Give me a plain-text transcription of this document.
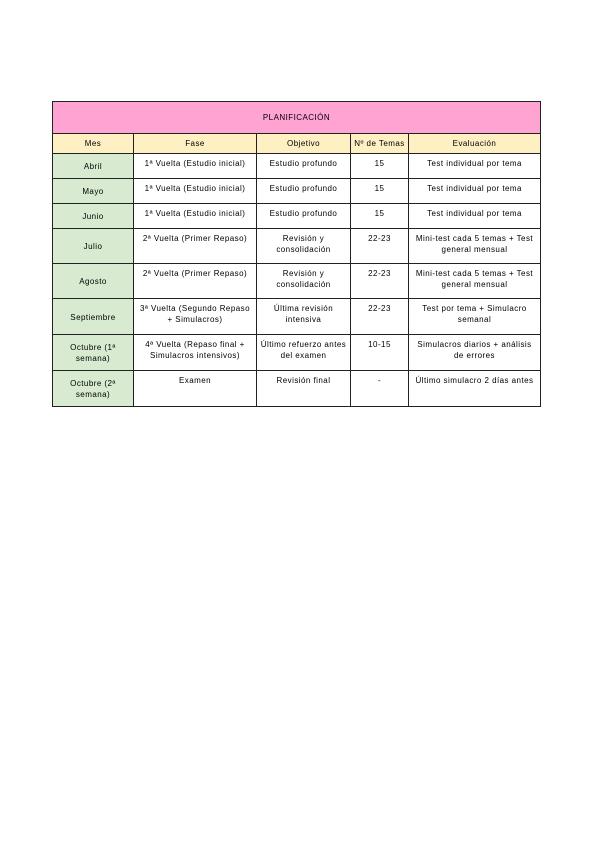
PLANIFICACIÓN				
Mes	Fase	Objetivo	Nº de Temas	Evaluación
Abril	1ª Vuelta (Estudio inicial)	Estudio profundo	15	Test individual por tema
Mayo	1ª Vuelta (Estudio inicial)	Estudio profundo	15	Test individual por tema
Junio	1ª Vuelta (Estudio inicial)	Estudio profundo	15	Test individual por tema
Julio	2ª Vuelta (Primer Repaso)	Revisión y consolidación	22-23	Mini-test cada 5 temas + Test general mensual
Agosto	2ª Vuelta (Primer Repaso)	Revisión y consolidación	22-23	Mini-test cada 5 temas + Test general mensual
Septiembre	3ª Vuelta (Segundo Repaso + Simulacros)	Última revisión intensiva	22-23	Test por tema + Simulacro semanal
Octubre (1ª semana)	4ª Vuelta (Repaso final + Simulacros intensivos)	Último refuerzo antes del examen	10-15	Simulacros diarios + análisis de errores
Octubre (2ª semana)	Examen	Revisión final	-	Último simulacro 2 días antes
